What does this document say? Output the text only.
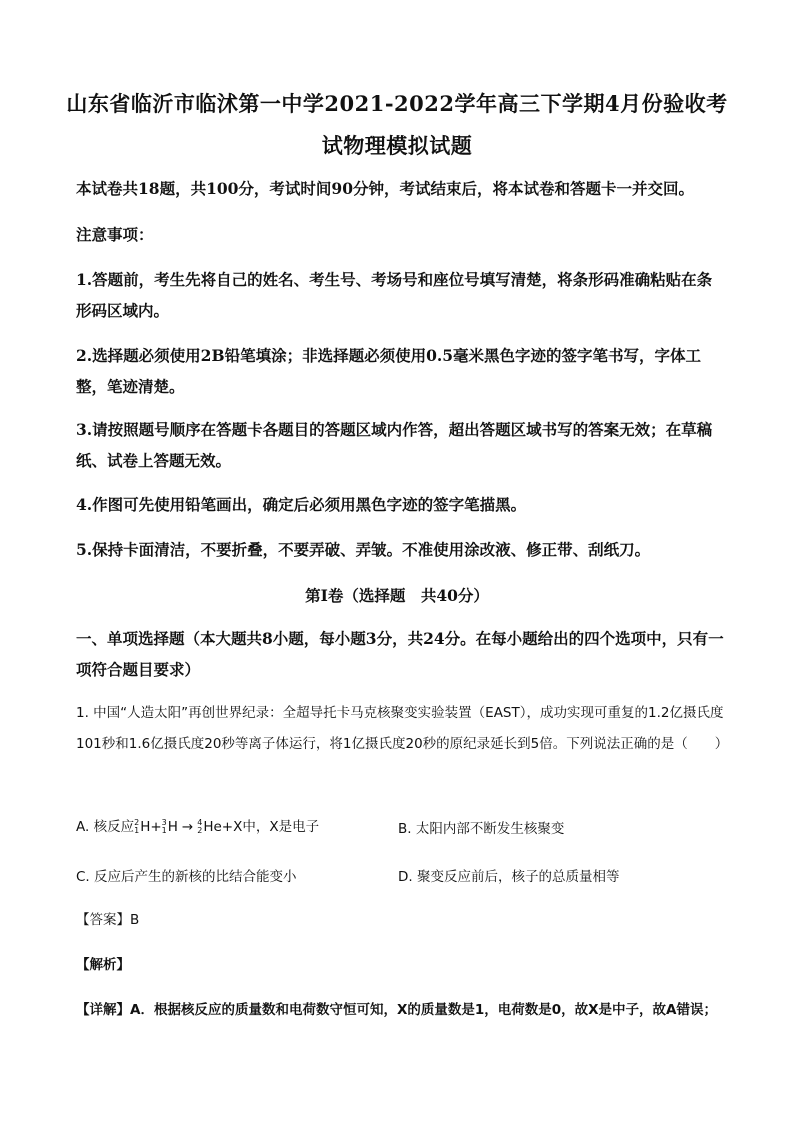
山东省临沂市临沭第一中学2021-2022学年高三下学期4月份验收考
试物理模拟试题
本试卷共18题，共100分，考试时间90分钟，考试结束后，将本试卷和答题卡一并交回。
注意事项：
1.答题前，考生先将自己的姓名、考生号、考场号和座位号填写清楚，将条形码准确粘贴在条形码区域内。
2.选择题必须使用2B铅笔填涂；非选择题必须使用0.5毫米黑色字迹的签字笔书写，字体工整，笔迹清楚。
3.请按照题号顺序在答题卡各题目的答题区域内作答，超出答题区域书写的答案无效；在草稿纸、试卷上答题无效。
4.作图可先使用铅笔画出，确定后必须用黑色字迹的签字笔描黑。
5.保持卡面清洁，不要折叠，不要弄破、弄皱。不准使用涂改液、修正带、刮纸刀。
第Ⅰ卷（选择题　共40分）
一、单项选择题（本大题共8小题，每小题3分，共24分。在每小题给出的四个选项中，只有一项符合题目要求）
1. 中国“人造太阳”再创世界纪录：全超导托卡马克核聚变实验装置（EAST），成功实现可重复的1.2亿摄氏度101秒和1.6亿摄氏度20秒等离子体运行，将1亿摄氏度20秒的原纪录延长到5倍。下列说法正确的是（　　）
A. 核反应 2
1 H+ 3
1 H → 4
2 He+X中，X是电子	B. 太阳内部不断发生核聚变
C. 反应后产生的新核的比结合能变小	D. 聚变反应前后，核子的总质量相等
【答案】B
【解析】
【详解】A．根据核反应的质量数和电荷数守恒可知，X的质量数是1，电荷数是0，故X是中子，故A错误；
